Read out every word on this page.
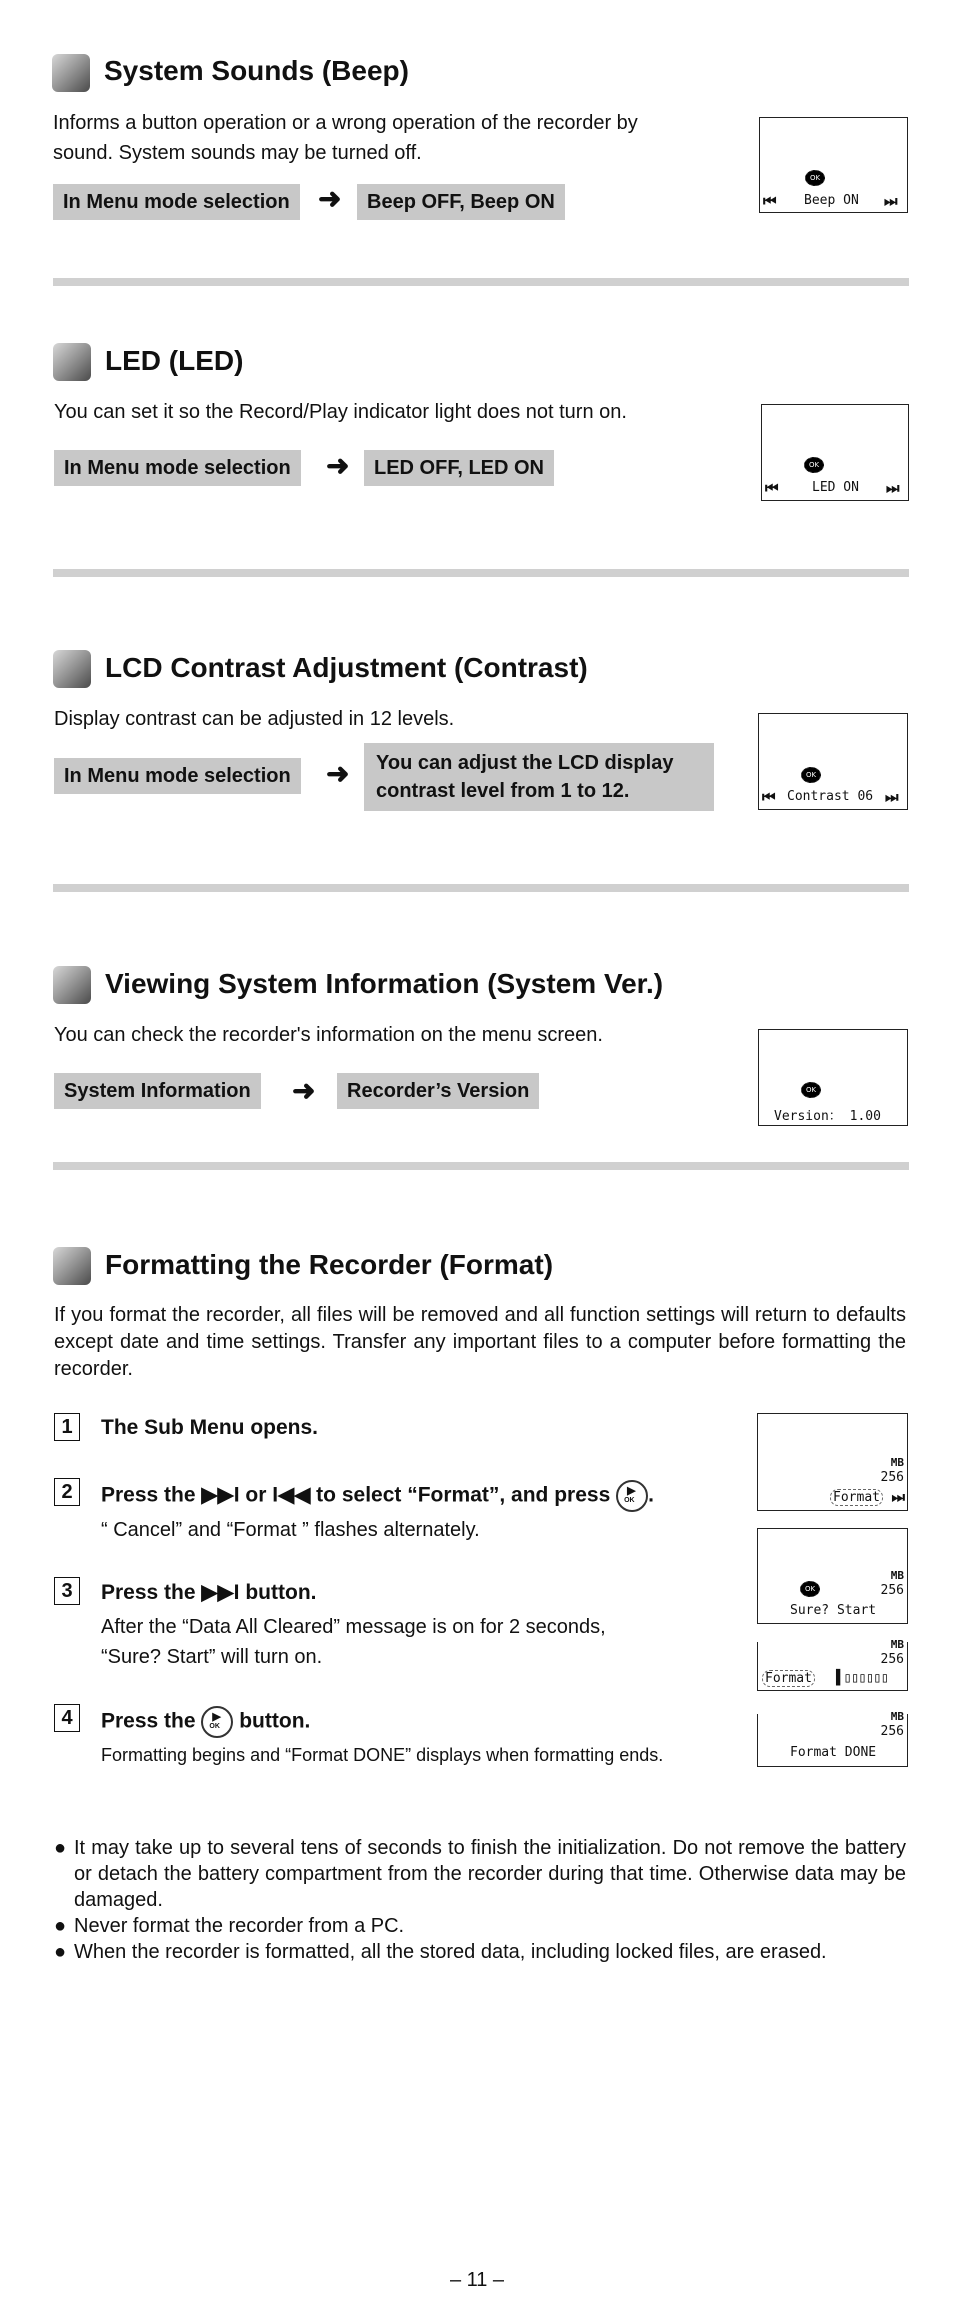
System Sounds (Beep)
Informs a button operation or a wrong operation of the recorder by sound. System sounds may be turned off.
In Menu mode selection	➜	Beep OFF, Beep ON
OK
⏮ Beep ON ⏭
LED (LED)
You can set it so the Record/Play indicator light does not turn on.
In Menu mode selection	➜	LED OFF, LED ON	OK
⏮	LED ON ⏭
LCD Contrast Adjustment (Contrast)
Display contrast can be adjusted in 12 levels.
In Menu mode selection	➜ You can adjust the LCD display
contrast level from 1 to 12.
OK
⏮ Contrast 06 ⏭
Viewing System Information (System Ver.)
You can check the recorder's information on the menu screen.
System Information	➜	Recorder’s Version	OK
Version： 1.00
Formatting the Recorder (Format)
If you format the recorder, all files will be removed and all function settings will return to defaults except date and time settings. Transfer any important files to a computer before formatting the recorder.
1	The Sub Menu opens.
2	Press the ▶▶I or I◀◀ to select “Format”, and press ▶
OK .
“ Cancel” and “Format ” flashes alternately.
3	Press the ▶▶I button.
After the “Data All Cleared” message is on for 2 seconds,
“Sure? Start” will turn on.
4	Press the ▶
OK button.
Formatting begins and “Format DONE” displays when formatting ends.
MB
256
Format ⏭
OK
MB
256
Sure? Start
MB
256
Format ▌▯▯▯▯▯▯
MB
256
Format DONE
● It may take up to several tens of seconds to finish the initialization. Do not remove the battery or detach the battery compartment from the recorder during that time. Otherwise data may be damaged.
● Never format the recorder from a PC.
● When the recorder is formatted, all the stored data, including locked files, are erased.
– 11 –
